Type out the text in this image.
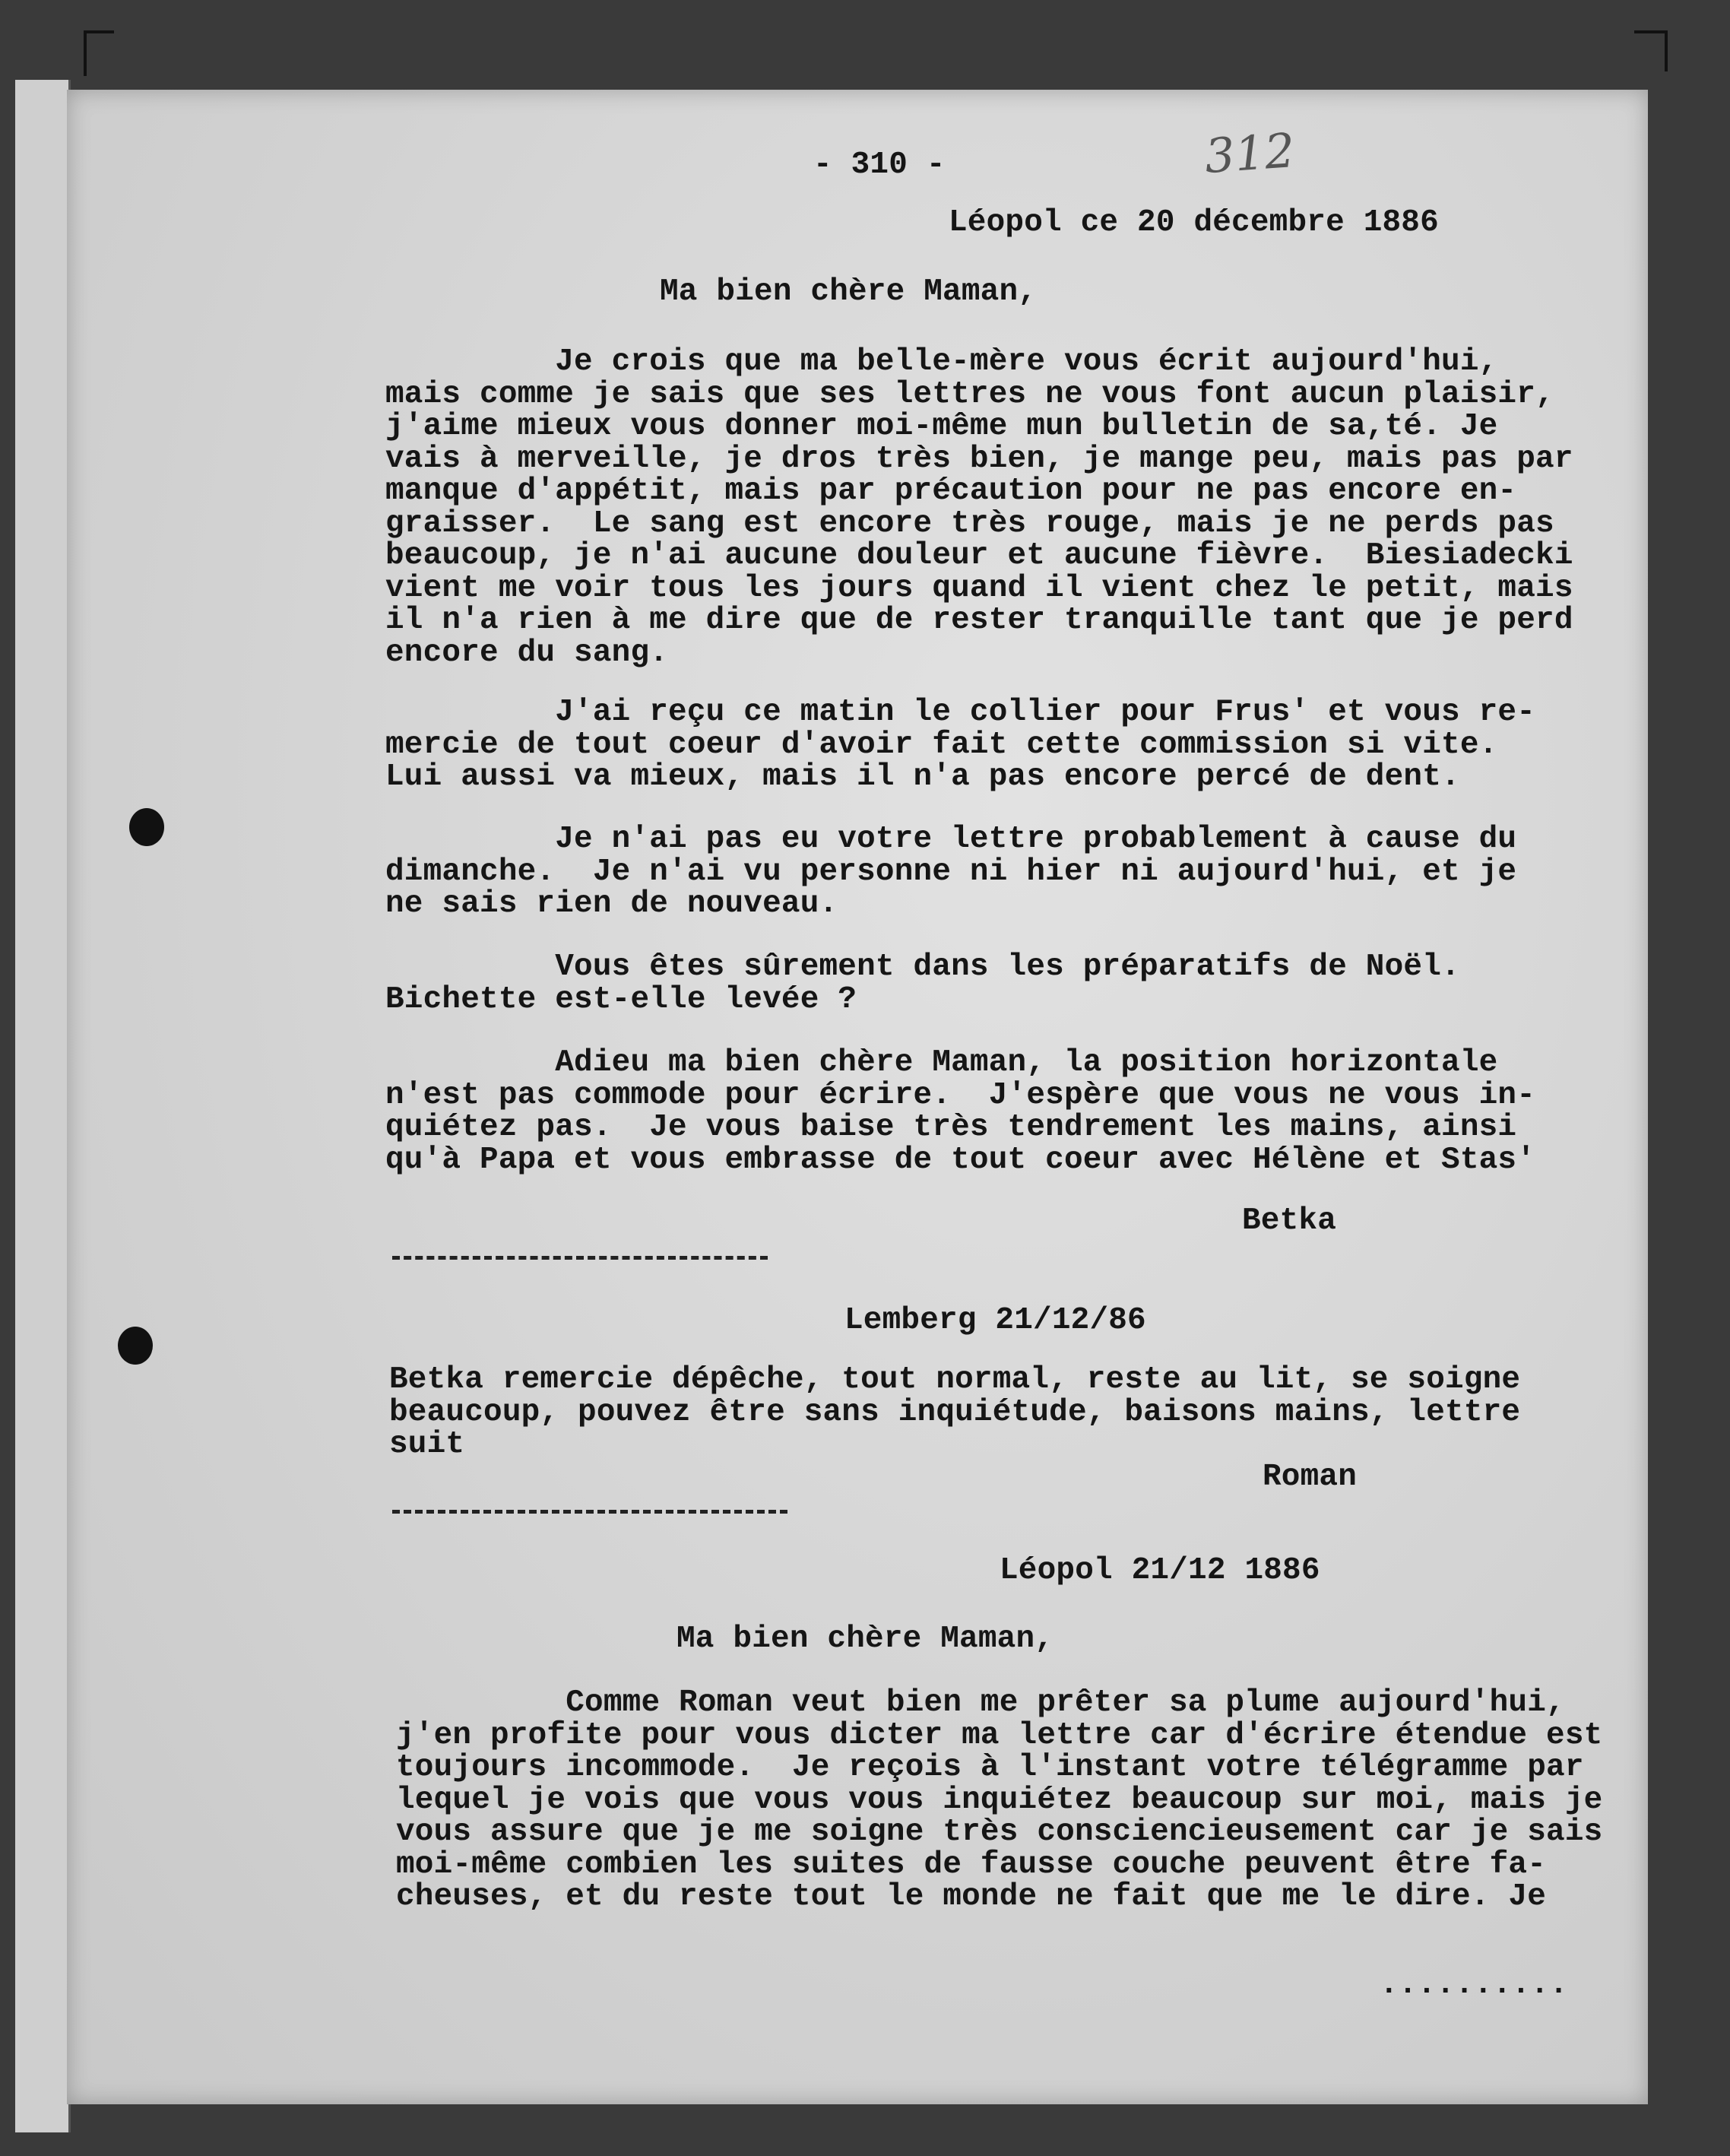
- 310 -	312
Léopol ce 20 décembre 1886
Ma bien chère Maman,
Je crois que ma belle-mère vous écrit aujourd'hui,
mais comme je sais que ses lettres ne vous font aucun plaisir,
j'aime mieux vous donner moi-même mun bulletin de sa,té. Je
vais à merveille, je dros très bien, je mange peu, mais pas par
manque d'appétit, mais par précaution pour ne pas encore en-
graisser.  Le sang est encore très rouge, mais je ne perds pas
beaucoup, je n'ai aucune douleur et aucune fièvre.  Biesiadecki
vient me voir tous les jours quand il vient chez le petit, mais
il n'a rien à me dire que de rester tranquille tant que je perd
encore du sang.
J'ai reçu ce matin le collier pour Frus' et vous re-
mercie de tout coeur d'avoir fait cette commission si vite.
Lui aussi va mieux, mais il n'a pas encore percé de dent.
Je n'ai pas eu votre lettre probablement à cause du
dimanche.  Je n'ai vu personne ni hier ni aujourd'hui, et je
ne sais rien de nouveau.
Vous êtes sûrement dans les préparatifs de Noël.
Bichette est-elle levée ?
Adieu ma bien chère Maman, la position horizontale
n'est pas commode pour écrire.  J'espère que vous ne vous in-
quiétez pas.  Je vous baise très tendrement les mains, ainsi
qu'à Papa et vous embrasse de tout coeur avec Hélène et Stas'
Betka
Lemberg 21/12/86
Betka remercie dépêche, tout normal, reste au lit, se soigne
beaucoup, pouvez être sans inquiétude, baisons mains, lettre
suit
Roman
Léopol 21/12 1886
Ma bien chère Maman,
Comme Roman veut bien me prêter sa plume aujourd'hui,
j'en profite pour vous dicter ma lettre car d'écrire étendue est
toujours incommode.  Je reçois à l'instant votre télégramme par
lequel je vois que vous vous inquiétez beaucoup sur moi, mais je
vous assure que je me soigne très consciencieusement car je sais
moi-même combien les suites de fausse couche peuvent être fa-
cheuses, et du reste tout le monde ne fait que me le dire. Je
..........
